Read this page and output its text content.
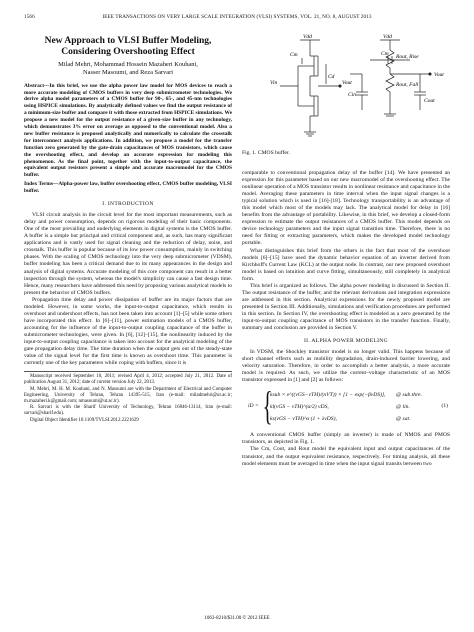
1566	IEEE TRANSACTIONS ON VERY LARGE SCALE INTEGRATION (VLSI) SYSTEMS, VOL. 21, NO. 8, AUGUST 2013
New Approach to VLSI Buffer Modeling, Considering Overshooting Effect
Milad Mehri, Mohammad Hossein Mazaheri Kouhani,
Nasser Masoumi, and Reza Sarvari
Abstract—In this brief, we use the alpha power law model for MOS devices to reach a more accurate modeling of CMOS buffers in very deep submicrometer technologies. We derive alpha model parameters of a CMOS buffer for 90-, 65-, and 45-nm technologies using HSPICE simulations. By analytically defined values we find the output resistance of a minimum-size buffer and compare it with those extracted from HSPICE simulations. We propose a new model for the output resistance of a given-size buffer in any technology, which demonstrates 3% error on average as opposed to the conventional model. Also a new buffer resistance is proposed analytically and numerically to calculate the crosstalk for interconnect analysis applications. In addition, we propose a model for the transfer function zero generated by the gate-drain capacitances of MOS transistors, which cause the overshooting effect, and develop an accurate expression for modeling this phenomenon. As the final point, together with the input-to-output capacitance, the equivalent output resistors present a simple and accurate macromodel for the CMOS buffer.
Index Terms—Alpha-power law, buffer overshooting effect, CMOS buffer modeling, VLSI buffer.
I. INTRODUCTION

VLSI circuit analysis in the circuit level for the most important measurements, such as delay and power consumption, depends on rigorous modeling of their basic components. One of the most prevailing and underlying elements in digital systems is the CMOS buffer. A buffer is a simple but principal and critical component and, as such, has many significant applications and is vastly used for signal cleaning and the reduction of delay, noise, and crosstalk. This buffer is popular because of its low power consumption, mainly in switching phases. With the scaling of CMOS technology into the very deep submicrometer (VDSM), buffer modeling has been a critical demand due to its many appearances in the design and analysis of digital systems. Accurate modeling of this core component can result in a better inspection through the system, whereas the model's simplicity can cause a fast design time. Hence, many researchers have addressed this need by proposing various analytical models to present the behavior of CMOS buffers.

Propagation time delay and power dissipation of buffer are its major factors that are modeled. However, in some works, the input-to-output capacitance, which results in overshoot and undershoot effects, has not been taken into account [1]–[5] while some others have incorporated this effect. In [6]–[11], power estimation models of a CMOS buffer, accounting for the influence of the input-to-output coupling capacitance of the buffer in submicrometer technologies, were given. In [6], [12]–[15], the nonlinearity induced by the input-to-output coupling capacitance is taken into account for the analytical modeling of the gate propagation delay time. The time duration when the output gets out of the steady-state value of the signal level for the first time is known as overshoot time. This parameter is currently one of the key parameters while coping with buffers, since it is

Manuscript received September 10, 2011; revised April 4, 2012; accepted July 21, 2012. Date of publication August 31, 2012; date of current version July 22, 2013.

M. Mehri, M. H. M. Kouhani, and N. Masoumi are with the Department of Electrical and Computer Engineering, University of Tehran, Tehran 14395-515, Iran (e-mail: miladmehri@ut.ac.ir; m.mazaheri.k@gmail.com; nmasoumi@ut.ac.ir).

R. Sarvari is with the Sharif University of Technology, Tehran 16846-13114, Iran (e-mail: sarvari@sharif.edu).

Digital Object Identifier 10.1109/TVLSI.2012.2221629

Vdd	Vdd
Vin	Vout
Vout
Cm	Cm
Cin
Cout
Rout, Rise
Rout, Fall
Cd
Fig. 1. CMOS buffer.

comparable to conventional propagation delay of the buffer [14]. We have presented an expression for this parameter based on our new macromodel of the overshooting effect. The nonlinear operation of a MOS transistor results in nonlinear resistance and capacitance in the model. Averaging these parameters in time interval when the input signal changes is a typical solution which is used in [16]-[18]. Technology transportability is an advantage of this model which most of the models may lack. The analytical model for delay in [16] benefits from the advantage of portability. Likewise, in this brief, we develop a closed-form expression to estimate the output resistances of a CMOS buffer. This model depends on device technology parameters and the input signal transition time. Therefore, there is no need for fitting or extracting parameters, which makes the developed model technology portable.

What distinguishes this brief from the others is the fact that most of the overshoot models [6]–[15] have used the dynamic behavior equation of an inverter derived from Kirchhoff's Current Law (KCL) at the output node. In contrast, our new proposed overshoot model is based on intuition and curve fitting, simultaneously, still completely in analytical form.

This brief is organized as follows. The alpha power modeling is discussed in Section II. The output resistance of the buffer, and the relevant derivations and integration expressions are addressed in this section. Analytical expressions for the newly proposed model are presented in Section III. Additionally, simulations and verification procedures are performed in this section. In Section IV, the overshooting effect is modeled as a zero generated by the input-to-output coupling capacitance of MOS transistors in the transfer function. Finally, summary and conclusion are provided in Section V.

II. ALPHA POWER MODELING

In VDSM, the Shockley transistor model is no longer valid. This happens because of short channel effects such as mobility degradation, drain-induced barrier lowering, and velocity saturation. Therefore, in order to accomplish a better analysis, a more accurate model is required. As such, we utilize the current–voltage characteristic of an MOS transistor expressed in [1] and [2] as follows:

iD = {
ksub × e^((vGS−vTH)/(nVT)) × [1 − exp(−βvDS)], @ sub.thre.
kl(vGS − vTH)^(α/2) vDS,	@ lin.
ks(vGS − vTH)^α (1 + λvDS),	@ sat.
(1)

A conventional CMOS buffer (simply an inverter) is made of NMOS and PMOS transistors, as depicted in Fig. 1.

The Cm, Cout, and Rout model the equivalent input and output capacitances of the transistor, and the output equivalent resistance, respectively. For timing analysis, all these model elements must be averaged in time when the input signal transits between two

1063-8210/$31.00 © 2012 IEEE
